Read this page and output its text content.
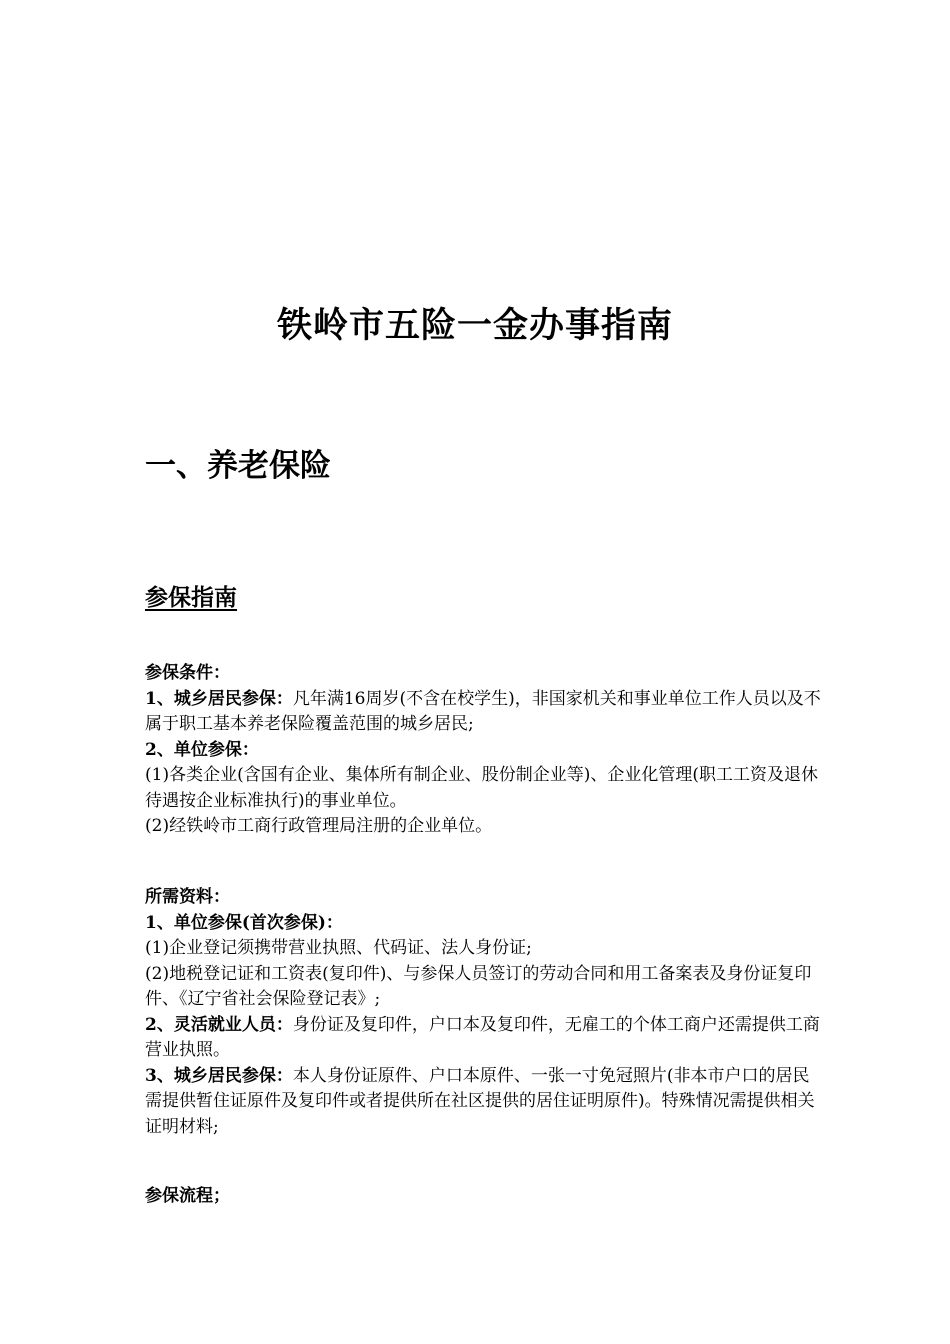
铁岭市五险一金办事指南
一、养老保险
参保指南

参保条件：

1、城乡居民参保：凡年满16周岁(不含在校学生)，非国家机关和事业单位工作人员以及不属于职工基本养老保险覆盖范围的城乡居民;

2、单位参保：

(1)各类企业(含国有企业、集体所有制企业、股份制企业等)、企业化管理(职工工资及退休待遇按企业标准执行)的事业单位。

(2)经铁岭市工商行政管理局注册的企业单位。

所需资料：

1、单位参保(首次参保)：

(1)企业登记须携带营业执照、代码证、法人身份证;

(2)地税登记证和工资表(复印件)、与参保人员签订的劳动合同和用工备案表及身份证复印件、《辽宁省社会保险登记表》;

2、灵活就业人员：身份证及复印件，户口本及复印件，无雇工的个体工商户还需提供工商营业执照。

3、城乡居民参保：本人身份证原件、户口本原件、一张一寸免冠照片(非本市户口的居民需提供暂住证原件及复印件或者提供所在社区提供的居住证明原件)。特殊情况需提供相关证明材料;

参保流程；
